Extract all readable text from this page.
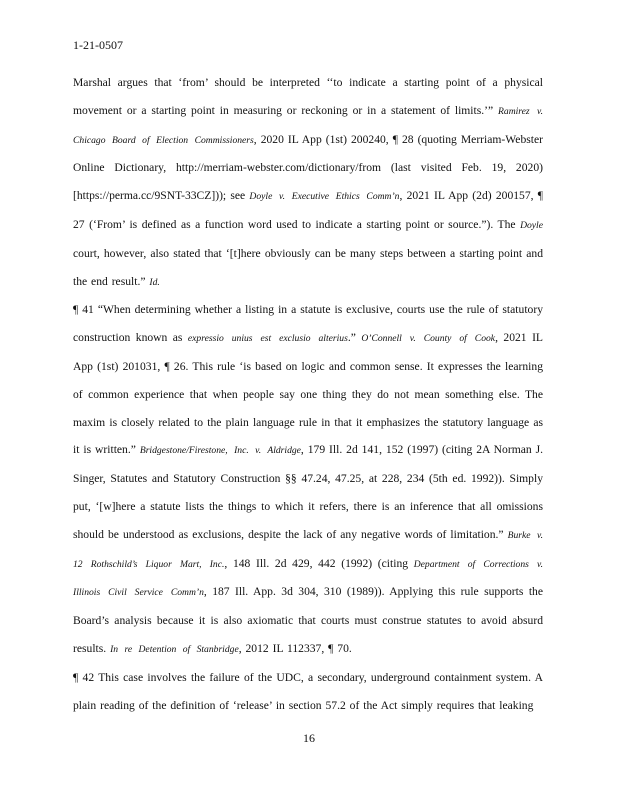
1-21-0507

Marshal argues that ‘from’ should be interpreted ‘‘to indicate a starting point of a physical movement or a starting point in measuring or reckoning or in a statement of limits.’” Ramirez v. Chicago Board of Election Commissioners, 2020 IL App (1st) 200240, ¶ 28 (quoting Merriam-Webster Online Dictionary, http://merriam-webster.com/dictionary/from (last visited Feb. 19, 2020) [https://perma.cc/9SNT-33CZ])); see Doyle v. Executive Ethics Comm’n, 2021 IL App (2d) 200157, ¶ 27 (‘From’ is defined as a function word used to indicate a starting point or source.”). The Doyle court, however, also stated that ‘[t]here obviously can be many steps between a starting point and the end result.” Id.

¶ 41 “When determining whether a listing in a statute is exclusive, courts use the rule of statutory construction known as expressio unius est exclusio alterius.” O’Connell v. County of Cook, 2021 IL App (1st) 201031, ¶ 26. This rule ‘is based on logic and common sense. It expresses the learning of common experience that when people say one thing they do not mean something else. The maxim is closely related to the plain language rule in that it emphasizes the statutory language as it is written.” Bridgestone/Firestone, Inc. v. Aldridge, 179 Ill. 2d 141, 152 (1997) (citing 2A Norman J. Singer, Statutes and Statutory Construction §§ 47.24, 47.25, at 228, 234 (5th ed. 1992)). Simply put, ‘[w]here a statute lists the things to which it refers, there is an inference that all omissions should be understood as exclusions, despite the lack of any negative words of limitation.” Burke v. 12 Rothschild’s Liquor Mart, Inc., 148 Ill. 2d 429, 442 (1992) (citing Department of Corrections v. Illinois Civil Service Comm’n, 187 Ill. App. 3d 304, 310 (1989)). Applying this rule supports the Board’s analysis because it is also axiomatic that courts must construe statutes to avoid absurd results. In re Detention of Stanbridge, 2012 IL 112337, ¶ 70.

¶ 42 This case involves the failure of the UDC, a secondary, underground containment system. A plain reading of the definition of ‘release’ in section 57.2 of the Act simply requires that leaking

16
